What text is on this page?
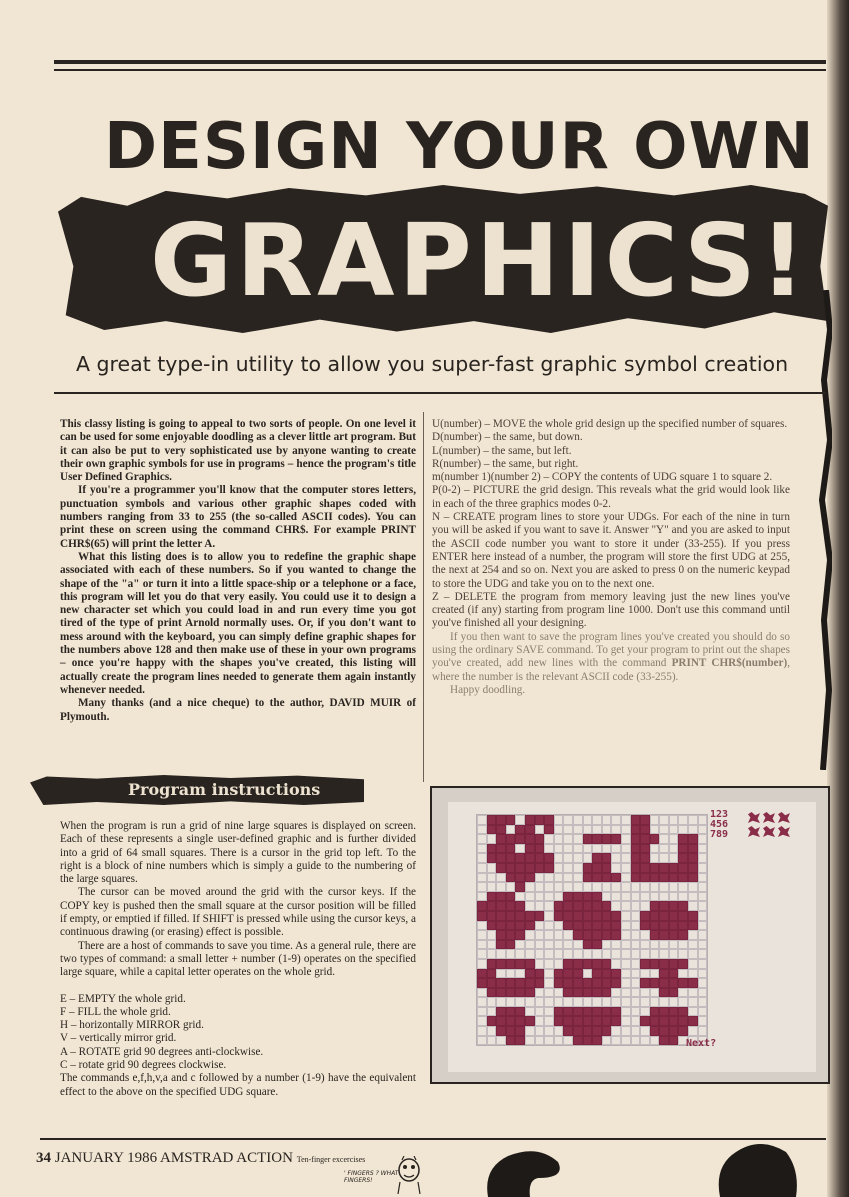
DESIGN YOUR OWN
GRAPHICS!
A great type-in utility to allow you super-fast graphic symbol creation

This classy listing is going to appeal to two sorts of people. On one level it can be used for some enjoyable doodling as a clever little art program. But it can also be put to very sophisticated use by anyone wanting to create their own graphic symbols for use in programs – hence the program's title User Defined Graphics.

If you're a programmer you'll know that the computer stores letters, punctuation symbols and various other graphic shapes coded with numbers ranging from 33 to 255 (the so-called ASCII codes). You can print these on screen using the command CHR$. For example PRINT CHR$(65) will print the letter A.

What this listing does is to allow you to redefine the graphic shape associated with each of these numbers. So if you wanted to change the shape of the "a" or turn it into a little space-ship or a telephone or a face, this program will let you do that very easily. You could use it to design a new character set which you could load in and run every time you got tired of the type of print Arnold normally uses. Or, if you don't want to mess around with the keyboard, you can simply define graphic shapes for the numbers above 128 and then make use of these in your own programs – once you're happy with the shapes you've created, this listing will actually create the program lines needed to generate them again instantly whenever needed.

Many thanks (and a nice cheque) to the author, DAVID MUIR of Plymouth.

U(number) – MOVE the whole grid design up the specified number of squares.

D(number) – the same, but down.

L(number) – the same, but left.

R(number) – the same, but right.

m(number 1)(number 2) – COPY the contents of UDG square 1 to square 2.

P(0-2) – PICTURE the grid design. This reveals what the grid would look like in each of the three graphics modes 0-2.

N – CREATE program lines to store your UDGs. For each of the nine in turn you will be asked if you want to save it. Answer "Y" and you are asked to input the ASCII code number you want to store it under (33-255). If you press ENTER here instead of a number, the program will store the first UDG at 255, the next at 254 and so on. Next you are asked to press 0 on the numeric keypad to store the UDG and take you on to the next one.

Z – DELETE the program from memory leaving just the new lines you've created (if any) starting from program line 1000. Don't use this command until you've finished all your designing.

If you then want to save the program lines you've created you should do so using the ordinary SAVE command. To get your program to print out the shapes you've created, add new lines with the command PRINT CHR$(number), where the number is the relevant ASCII code (33-255).

Happy doodling.

Program instructions

When the program is run a grid of nine large squares is displayed on screen. Each of these represents a single user-defined graphic and is further divided into a grid of 64 small squares. There is a cursor in the grid top left. To the right is a block of nine numbers which is simply a guide to the numbering of the large squares.

The cursor can be moved around the grid with the cursor keys. If the COPY key is pushed then the small square at the cursor position will be filled if empty, or emptied if filled. If SHIFT is pressed while using the cursor keys, a continuous drawing (or erasing) effect is possible.

There are a host of commands to save you time. As a general rule, there are two types of command: a small letter + number (1-9) operates on the specified large square, while a capital letter operates on the whole grid.

E – EMPTY the whole grid.

F – FILL the whole grid.

H – horizontally MIRROR grid.

V – vertically mirror grid.

A – ROTATE grid 90 degrees anti-clockwise.

C – rotate grid 90 degrees clockwise.

The commands e,f,h,v,a and c followed by a number (1-9) have the equivalent effect to the above on the specified UDG square.

123
456
789
Next?
34 JANUARY 1986 AMSTRAD ACTION Ten-finger excercises
' FINGERS ? WHAT FINGERS!
